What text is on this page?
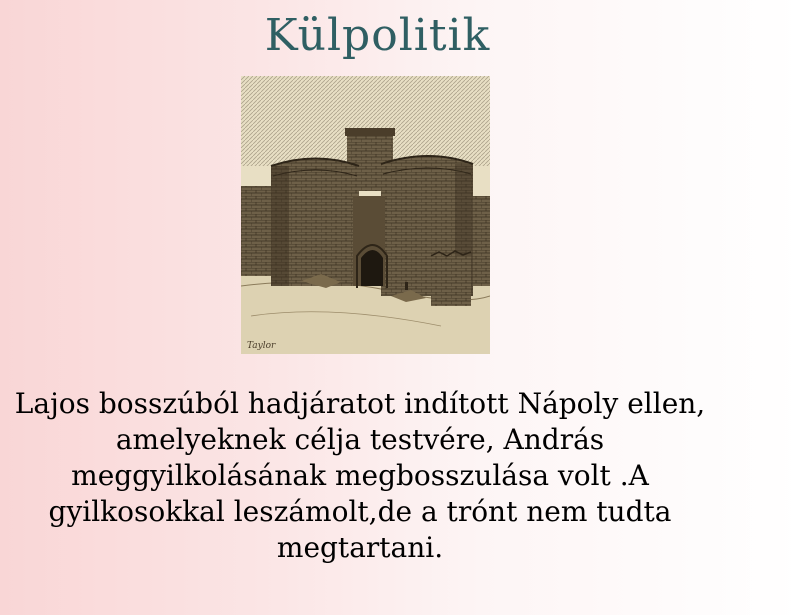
Külpolitik
Taylor
Lajos bosszúból hadjáratot indított Nápoly ellen, amelyeknek célja testvére, András meggyilkolásának megbosszulása volt .A gyilkosokkal leszámolt,de a trónt nem tudta megtartani.
